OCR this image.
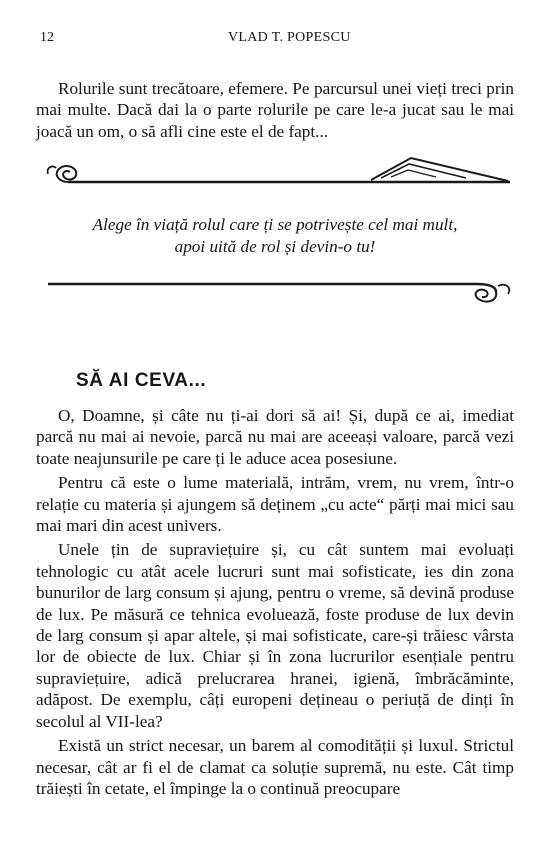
12	VLAD T. POPESCU

Rolurile sunt trecătoare, efemere. Pe parcursul unei vieți treci prin mai multe. Dacă dai la o parte rolurile pe care le-a jucat sau le mai joacă un om, o să afli cine este el de fapt...

Alege în viață rolul care ți se potrivește cel mai mult,
apoi uită de rol și devin-o tu!
SĂ AI CEVA...

O, Doamne, și câte nu ți-ai dori să ai! Și, după ce ai, imediat parcă nu mai ai nevoie, parcă nu mai are aceeași valoare, parcă vezi toate neajunsurile pe care ți le aduce acea posesiune.

Pentru că este o lume materială, intrăm, vrem, nu vrem, într-o relație cu materia și ajungem să deținem „cu acte“ părți mai mici sau mai mari din acest univers.

Unele țin de supraviețuire și, cu cât suntem mai evoluați tehnologic cu atât acele lucruri sunt mai sofisticate, ies din zona bunurilor de larg consum și ajung, pentru o vreme, să devină produse de lux. Pe măsură ce tehnica evoluează, foste produse de lux devin de larg consum și apar altele, și mai sofisticate, care-și trăiesc vârsta lor de obiecte de lux. Chiar și în zona lucrurilor esențiale pentru supraviețuire, adică prelucrarea hranei, igienă, îmbrăcăminte, adăpost. De exemplu, câți europeni dețineau o periuță de dinți în secolul al VII-lea?

Există un strict necesar, un barem al comodității și luxul. Strictul necesar, cât ar fi el de clamat ca soluție supremă, nu este. Cât timp trăiești în cetate, el împinge la o continuă preocupare
